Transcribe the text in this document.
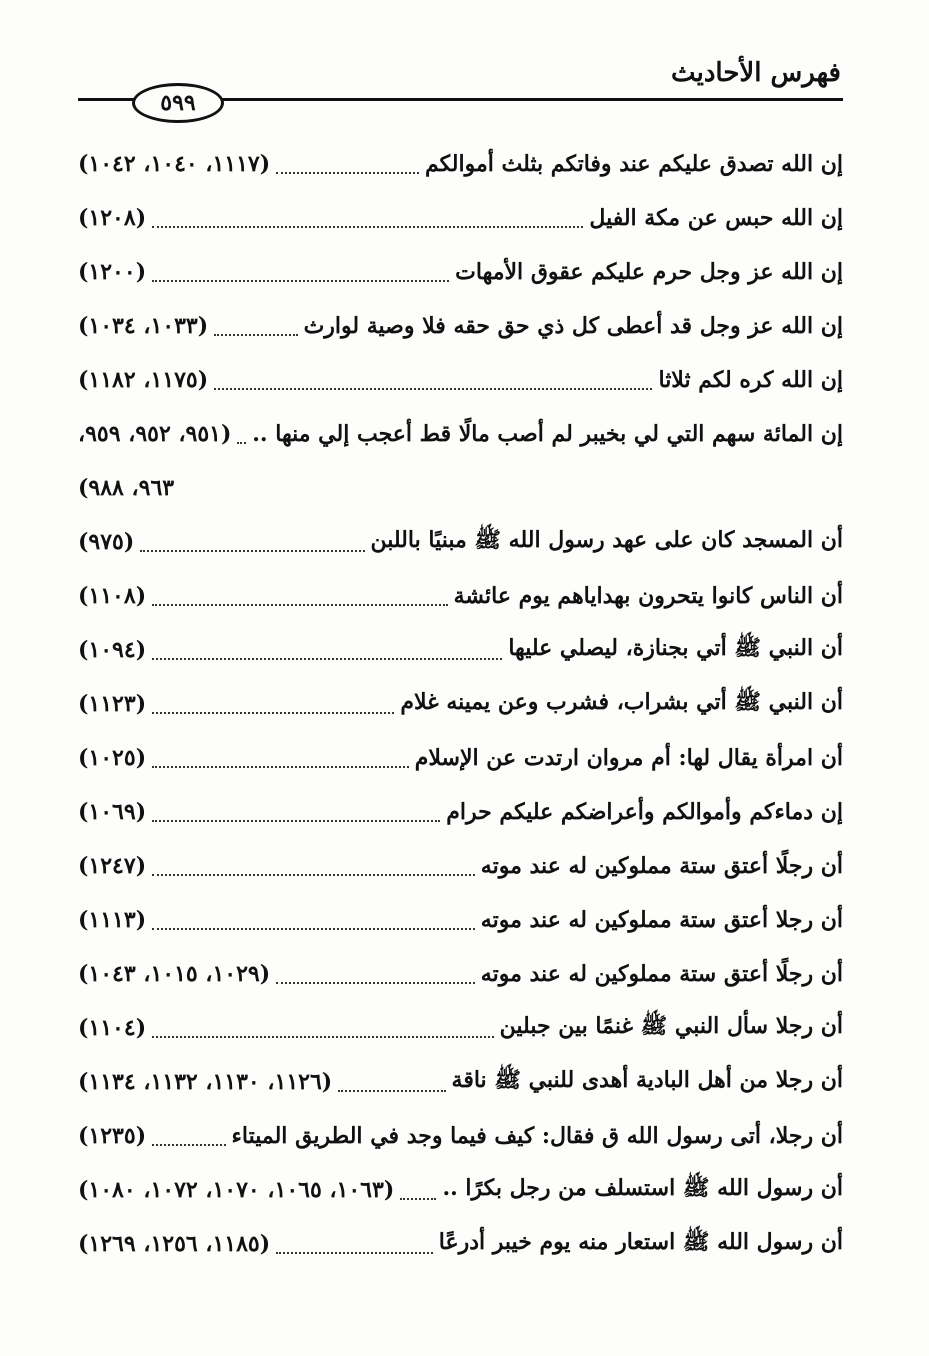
فهرس الأحاديث
٥٩٩
إن الله تصدق عليكم عند وفاتكم بثلث أموالكم
(١١١٧، ١٠٤٠، ١٠٤٢)
إن الله حبس عن مكة الفيل
(١٢٠٨)
إن الله عز وجل حرم عليكم عقوق الأمهات
(١٢٠٠)
إن الله عز وجل قد أعطى كل ذي حق حقه فلا وصية لوارث
(١٠٣٣، ١٠٣٤)
إن الله كره لكم ثلاثا
(١١٧٥، ١١٨٢)
إن المائة سهم التي لي بخيبر لم أصب مالًا قط أعجب إلي منها ..
(٩٥١، ٩٥٢، ٩٥٩،
٩٦٣، ٩٨٨)
أن المسجد كان على عهد رسول الله ﷺ مبنيًا باللبن
(٩٧٥)
أن الناس كانوا يتحرون بهداياهم يوم عائشة
(١١٠٨)
أن النبي ﷺ أتي بجنازة، ليصلي عليها
(١٠٩٤)
أن النبي ﷺ أتي بشراب، فشرب وعن يمينه غلام
(١١٢٣)
أن امرأة يقال لها: أم مروان ارتدت عن الإسلام
(١٠٢٥)
إن دماءكم وأموالكم وأعراضكم عليكم حرام
(١٠٦٩)
أن رجلًا أعتق ستة مملوكين له عند موته
(١٢٤٧)
أن رجلا أعتق ستة مملوكين له عند موته
(١١١٣)
أن رجلًا أعتق ستة مملوكين له عند موته
(١٠٢٩، ١٠١٥، ١٠٤٣)
أن رجلا سأل النبي ﷺ غنمًا بين جبلين
(١١٠٤)
أن رجلا من أهل البادية أهدى للنبي ﷺ ناقة
(١١٢٦، ١١٣٠، ١١٣٢، ١١٣٤)
أن رجلا، أتى رسول الله ق فقال: كيف فيما وجد في الطريق الميتاء
(١٢٣٥)
أن رسول الله ﷺ استسلف من رجل بكرًا ..
(١٠٦٣، ١٠٦٥، ١٠٧٠، ١٠٧٢، ١٠٨٠)
أن رسول الله ﷺ استعار منه يوم خيبر أدرعًا
(١١٨٥، ١٢٥٦، ١٢٦٩)
